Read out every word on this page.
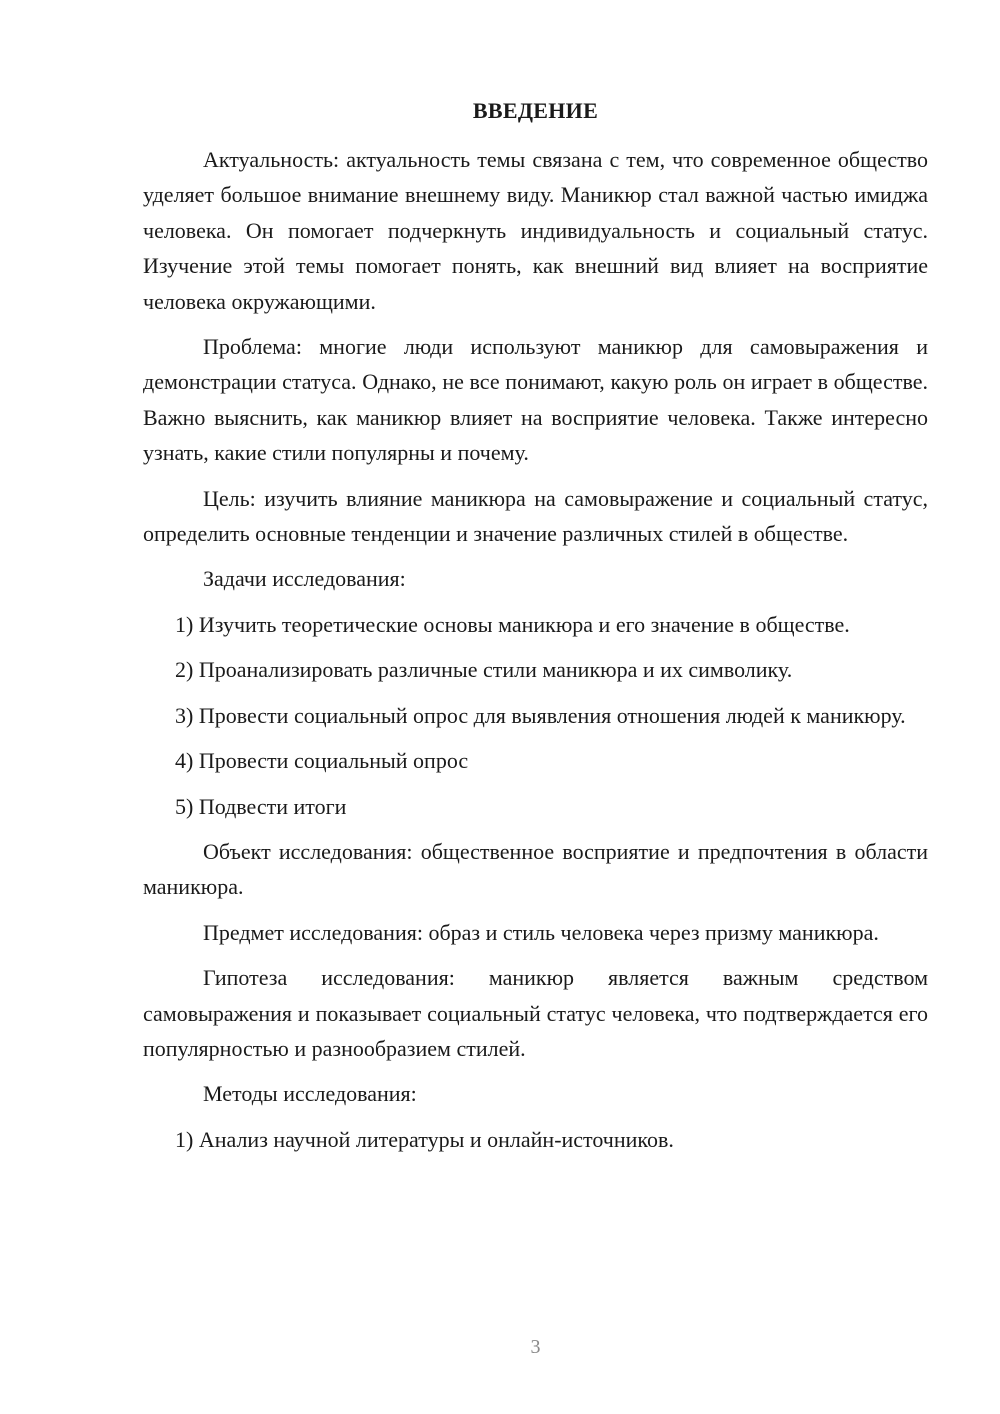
ВВЕДЕНИЕ

Актуальность: актуальность темы связана с тем, что современное общество уделяет большое внимание внешнему виду. Маникюр стал важной частью имиджа человека. Он помогает подчеркнуть индивидуальность и социальный статус. Изучение этой темы помогает понять, как внешний вид влияет на восприятие человека окружающими.

Проблема: многие люди используют маникюр для самовыражения и демонстрации статуса. Однако, не все понимают, какую роль он играет в обществе. Важно выяснить, как маникюр влияет на восприятие человека. Также интересно узнать, какие стили популярны и почему.

Цель: изучить влияние маникюра на самовыражение и социальный статус, определить основные тенденции и значение различных стилей в обществе.

Задачи исследования:

1) Изучить теоретические основы маникюра и его значение в обществе.

2) Проанализировать различные стили маникюра и их символику.

3) Провести социальный опрос для выявления отношения людей к маникюру.

4) Провести социальный опрос

5) Подвести итоги

Объект исследования: общественное восприятие и предпочтения в области маникюра.

Предмет исследования: образ и стиль человека через призму маникюра.

Гипотеза исследования: маникюр является важным средством самовыражения и показывает социальный статус человека, что подтверждается его популярностью и разнообразием стилей.

Методы исследования:

1) Анализ научной литературы и онлайн-источников.

3
